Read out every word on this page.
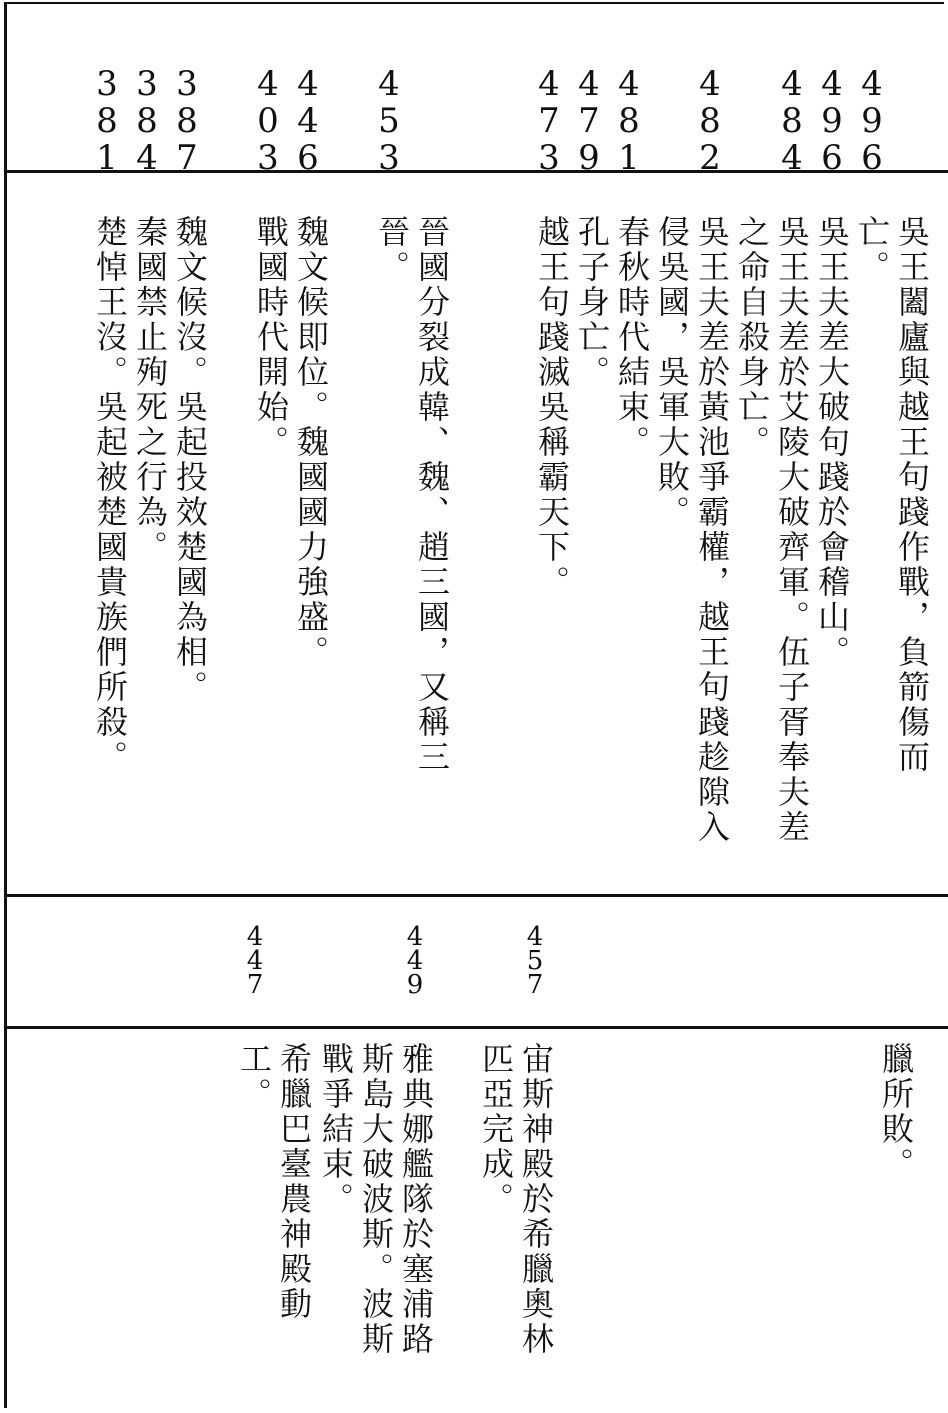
496
496
484
482
481
479
473
453
446
403
387
384
381
吳王闔廬與越王句踐作戰，負箭傷而亡。
吳王夫差大破句踐於會稽山。
吳王夫差於艾陵大破齊軍。伍子胥奉夫差之命自殺身亡。
吳王夫差於黃池爭霸權，越王句踐趁隙入侵吳國，吳軍大敗。
春秋時代結束。
孔子身亡。
越王句踐滅吳稱霸天下。
晉國分裂成韓、魏、趙三國，又稱三晉。
魏文候即位。魏國國力強盛。
戰國時代開始。
魏文候沒。吳起投效楚國為相。
秦國禁止殉死之行為。
楚悼王沒。吳起被楚國貴族們所殺。
457
449
447
臘所敗。
宙斯神殿於希臘奧林匹亞完成。
雅典娜艦隊於塞浦路斯島大破波斯。波斯戰爭結束。
希臘巴臺農神殿動工。
